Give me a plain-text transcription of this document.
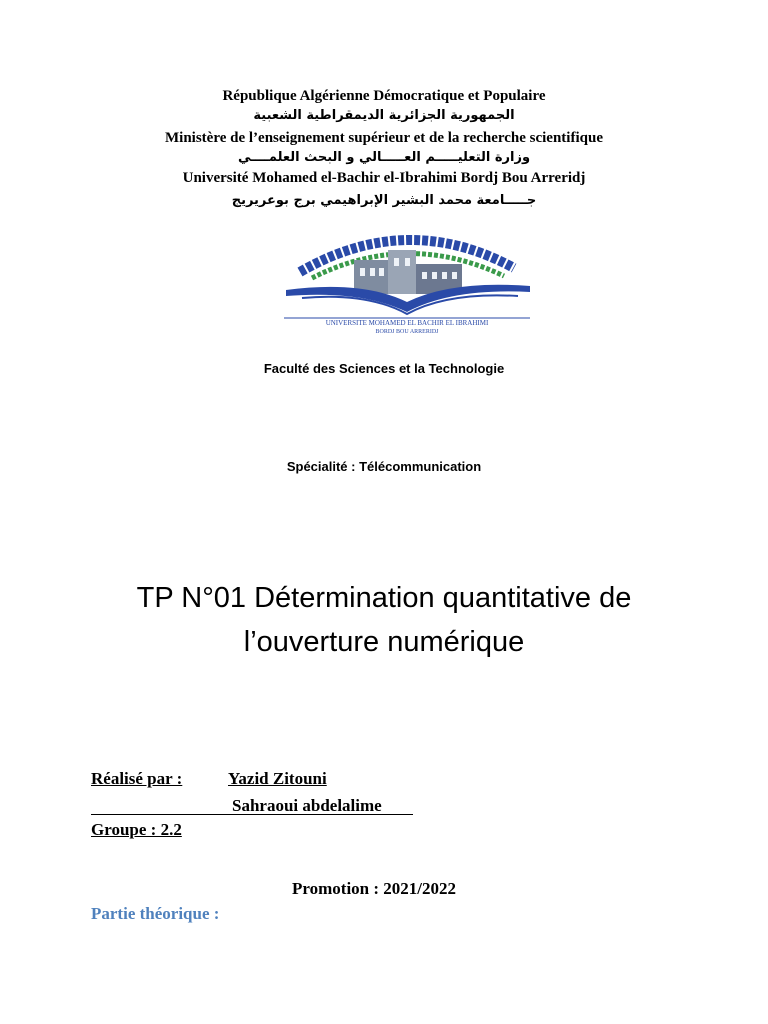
République Algérienne Démocratique et Populaire
الجمهورية الجزائرية الديمقراطية الشعبية
Ministère de l’enseignement supérieur et de la recherche scientifique
وزارة التعليـــــم العـــــالي و البحث العلمــــي
Université Mohamed el-Bachir el-Ibrahimi Bordj Bou Arreridj
جـــــامعة محمد البشير الإبراهيمي برج بوعريريج
UNIVERSITE MOHAMED EL BACHIR EL IBRAHIMI
BORDJ BOU ARRERIDJ
Faculté des Sciences et la Technologie
Spécialité : Télécommunication
TP N°01 Détermination quantitative de
l’ouverture numérique
Réalisé par :	Yazid Zitouni
Sahraoui abdelalime
Groupe : 2.2
Promotion : 2021/2022
Partie théorique :
